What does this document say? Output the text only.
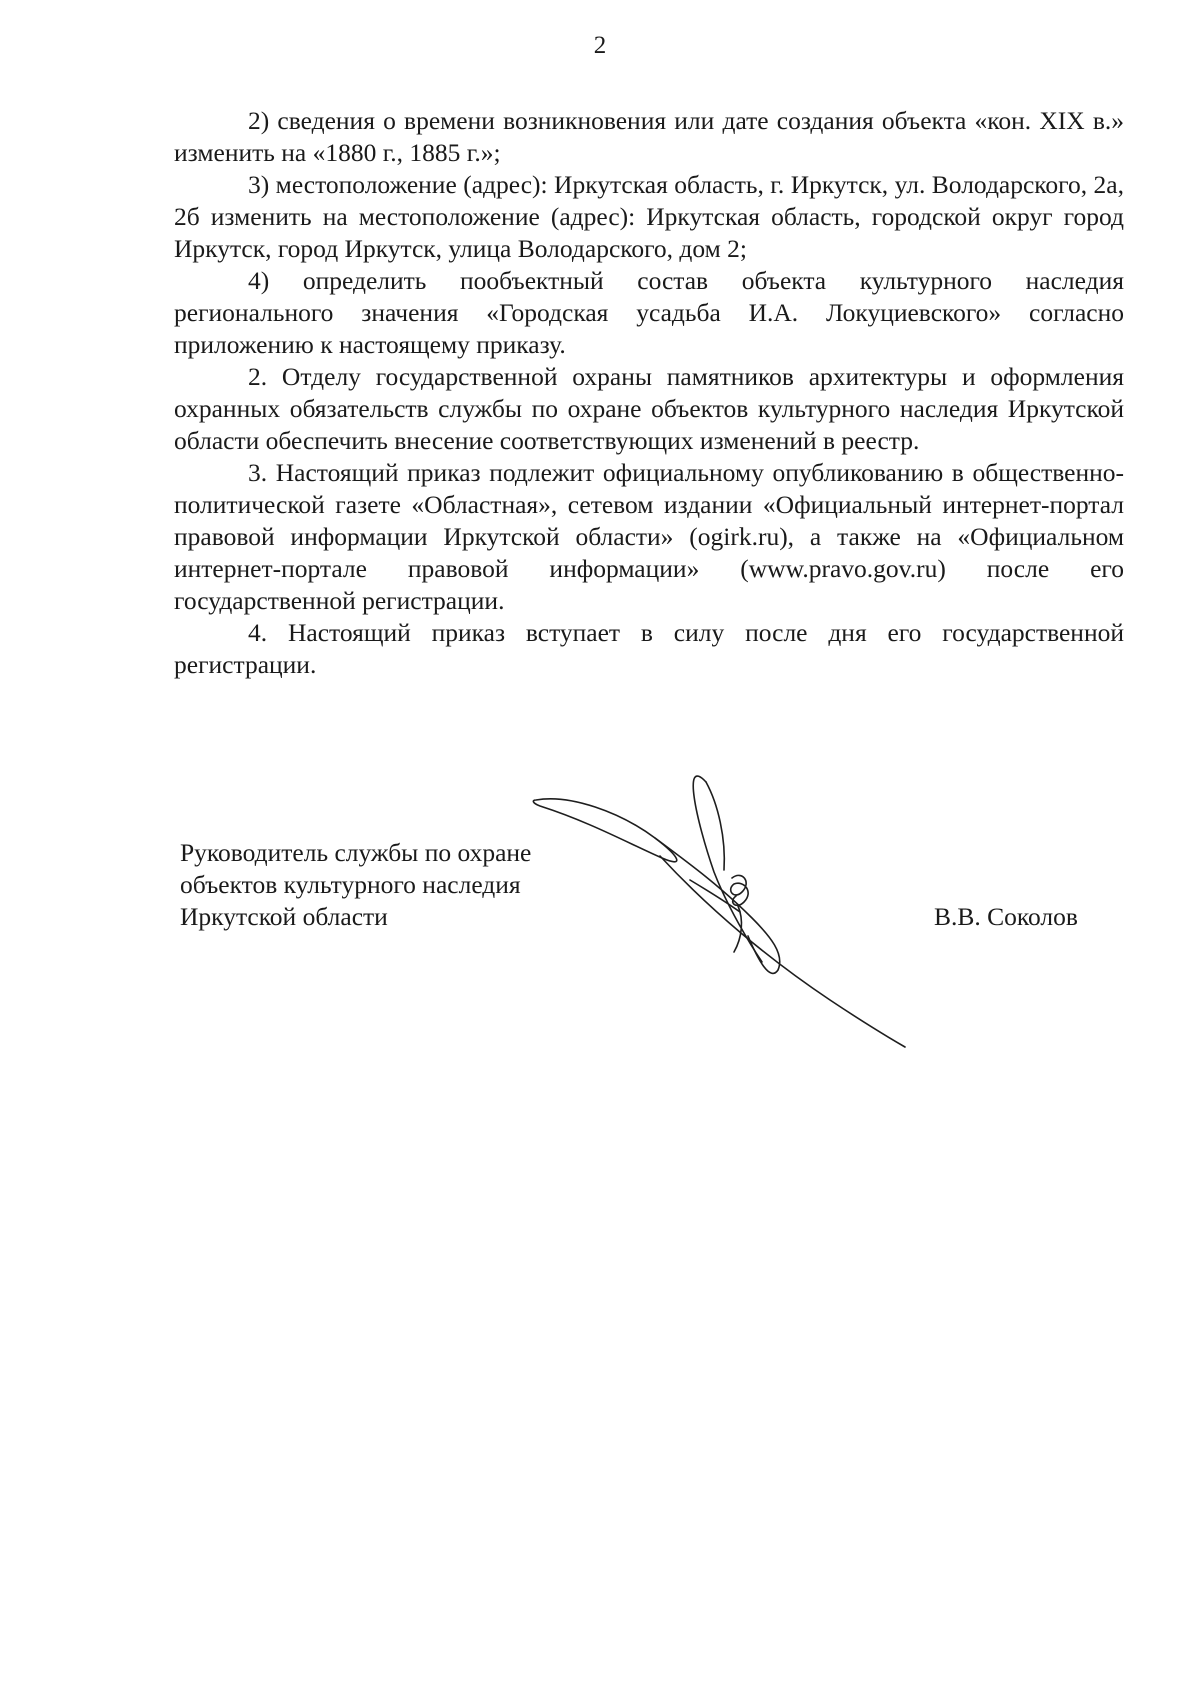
2

2) сведения о времени возникновения или дате создания объекта «кон. XIX в.» изменить на «1880 г., 1885 г.»;

3) местоположение (адрес): Иркутская область, г. Иркутск, ул. Володарского, 2а, 2б изменить на местоположение (адрес): Иркутская область, городской округ город Иркутск, город Иркутск, улица Володарского, дом 2;

4) определить пообъектный состав объекта культурного наследия регионального значения «Городская усадьба И.А. Локуциевского» согласно приложению к настоящему приказу.

2. Отделу государственной охраны памятников архитектуры и оформления охранных обязательств службы по охране объектов культурного наследия Иркутской области обеспечить внесение соответствующих изменений в реестр.

3. Настоящий приказ подлежит официальному опубликованию в общественно-политической газете «Областная», сетевом издании «Официальный интернет-портал правовой информации Иркутской области» (ogirk.ru), а также на «Официальном интернет-портале правовой информации» (www.pravo.gov.ru) после его государственной регистрации.

4. Настоящий приказ вступает в силу после дня его государственной регистрации.

Руководитель службы по охране
объектов культурного наследия
Иркутской области	В.В. Соколов
